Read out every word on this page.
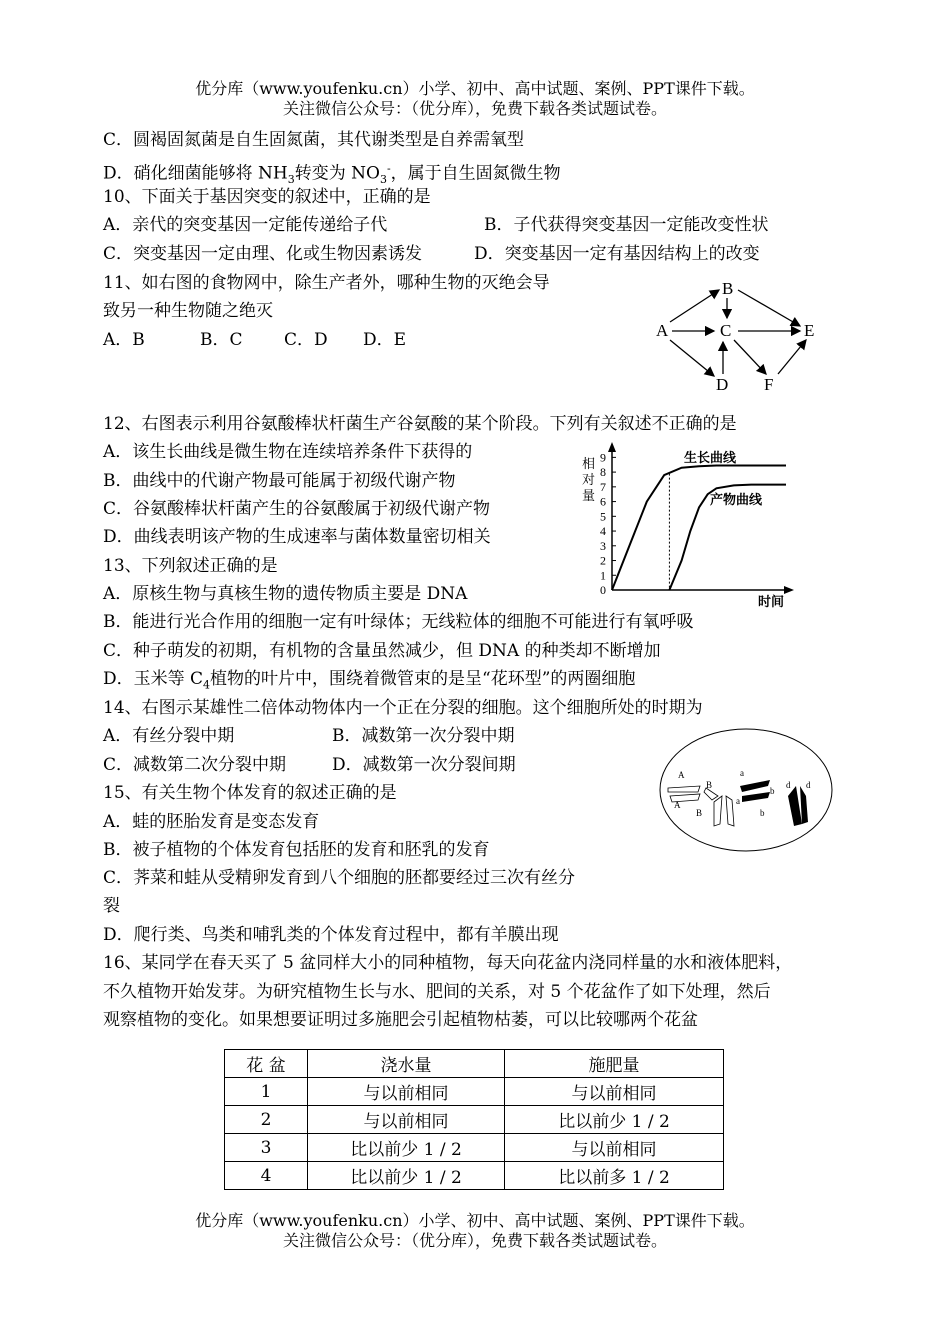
优分库（www.youfenku.cn）小学、初中、高中试题、案例、PPT课件下载。
关注微信公众号：（优分库），免费下载各类试题试卷。
C．圆褐固氮菌是自生固氮菌，其代谢类型是自养需氧型
D．硝化细菌能够将 $NH_3$转变为 $NO_3^-$，属于自生固氮微生物
10、下面关于基因突变的叙述中，正确的是
A．亲代的突变基因一定能传递给子代	B．子代获得突变基因一定能改变性状
C．突变基因一定由理、化或生物因素诱发	D．突变基因一定有基因结构上的改变
11、如右图的食物网中，除生产者外，哪种生物的灭绝会导
致另一种生物随之绝灭
A．B	B．C C．D D．E	A
B
C
D
E
F
12、右图表示利用谷氨酸棒状杆菌生产谷氨酸的某个阶段。下列有关叙述不正确的是
A．该生长曲线是微生物在连续培养条件下获得的
B．曲线中的代谢产物最可能属于初级代谢产物
C．谷氨酸棒状杆菌产生的谷氨酸属于初级代谢产物
D．曲线表明该产物的生成速率与菌体数量密切相关
相
对
量
0
1
2
3
4
5
6
7
8
9	生长曲线
产物曲线
时间
13、下列叙述正确的是
A．原核生物与真核生物的遗传物质主要是 DNA
B．能进行光合作用的细胞一定有叶绿体；无线粒体的细胞不可能进行有氧呼吸
C．种子萌发的初期，有机物的含量虽然减少，但 DNA 的种类却不断增加
D．玉米等 $C_4$植物的叶片中，围绕着微管束的是呈“花环型”的两圈细胞
14、右图示某雄性二倍体动物体内一个正在分裂的细胞。这个细胞所处的时期为
A．有丝分裂中期	B．减数第一次分裂中期
C．减数第二次分裂中期	D．减数第一次分裂间期	A
A
B
B
a
a
b
b
d d
15、有关生物个体发育的叙述正确的是
A．蛙的胚胎发育是变态发育
B．被子植物的个体发育包括胚的发育和胚乳的发育
C．荠菜和蛙从受精卵发育到八个细胞的胚都要经过三次有丝分
裂
D．爬行类、鸟类和哺乳类的个体发育过程中，都有羊膜出现
16、某同学在春天买了 5 盆同样大小的同种植物，每天向花盆内浇同样量的水和液体肥料，
不久植物开始发芽。为研究植物生长与水、肥间的关系，对 5 个花盆作了如下处理，然后
观察植物的变化。如果想要证明过多施肥会引起植物枯萎，可以比较哪两个花盆
花 盆	浇水量	施肥量
1	与以前相同	与以前相同
2	与以前相同	比以前少 1 / 2
3	比以前少 1 / 2	与以前相同
4	比以前少 1 / 2	比以前多 1 / 2
优分库（www.youfenku.cn）小学、初中、高中试题、案例、PPT课件下载。
关注微信公众号：（优分库），免费下载各类试题试卷。
